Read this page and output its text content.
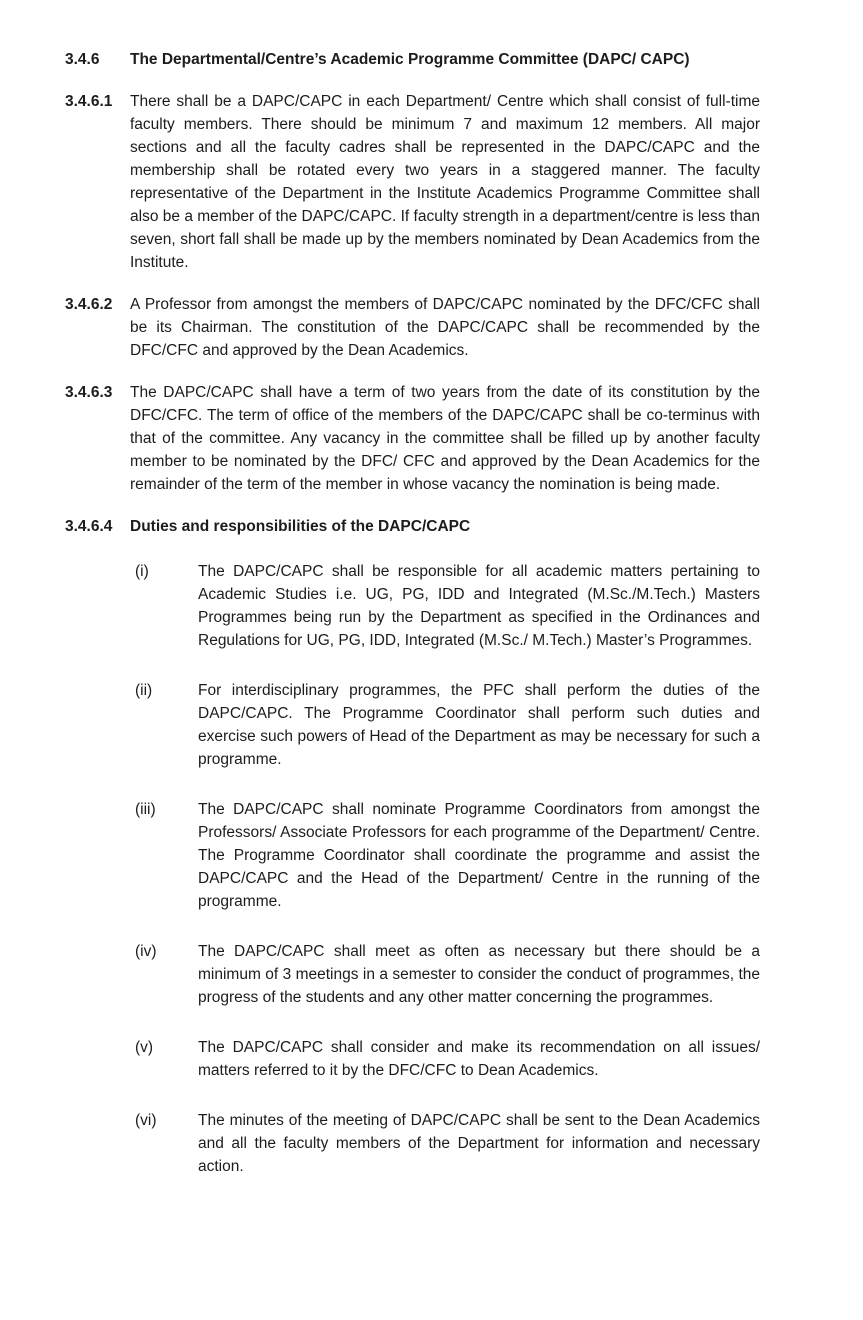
3.4.6	The Departmental/Centre’s Academic Programme Committee (DAPC/ CAPC)
3.4.6.1	There shall be a DAPC/CAPC in each Department/ Centre which shall consist of full-time faculty members. There should be minimum 7 and maximum 12 members. All major sections and all the faculty cadres shall be represented in the DAPC/CAPC and the membership shall be rotated every two years in a staggered manner. The faculty representative of the Department in the Institute Academics Programme Committee shall also be a member of the DAPC/CAPC. If faculty strength in a department/centre is less than seven, short fall shall be made up by the members nominated by Dean Academics from the Institute.
3.4.6.2	A Professor from amongst the members of DAPC/CAPC nominated by the DFC/CFC shall be its Chairman. The constitution of the DAPC/CAPC shall be recommended by the DFC/CFC and approved by the Dean Academics.
3.4.6.3	The DAPC/CAPC shall have a term of two years from the date of its constitution by the DFC/CFC. The term of office of the members of the DAPC/CAPC shall be co-terminus with that of the committee. Any vacancy in the committee shall be filled up by another faculty member to be nominated by the DFC/ CFC and approved by the Dean Academics for the remainder of the term of the member in whose vacancy the nomination is being made.
3.4.6.4	Duties and responsibilities of the DAPC/CAPC
(i)	The DAPC/CAPC shall be responsible for all academic matters pertaining to Academic Studies i.e. UG, PG, IDD and Integrated (M.Sc./M.Tech.) Masters Programmes being run by the Department as specified in the Ordinances and Regulations for UG, PG, IDD, Integrated (M.Sc./ M.Tech.) Master’s Programmes.
(ii)	For interdisciplinary programmes, the PFC shall perform the duties of the DAPC/CAPC. The Programme Coordinator shall perform such duties and exercise such powers of Head of the Department as may be necessary for such a programme.
(iii)	The DAPC/CAPC shall nominate Programme Coordinators from amongst the Professors/ Associate Professors for each programme of the Department/ Centre. The Programme Coordinator shall coordinate the programme and assist the DAPC/CAPC and the Head of the Department/ Centre in the running of the programme.
(iv)	The DAPC/CAPC shall meet as often as necessary but there should be a minimum of 3 meetings in a semester to consider the conduct of programmes, the progress of the students and any other matter concerning the programmes.
(v)	The DAPC/CAPC shall consider and make its recommendation on all issues/ matters referred to it by the DFC/CFC to Dean Academics.
(vi)	The minutes of the meeting of DAPC/CAPC shall be sent to the Dean Academics and all the faculty members of the Department for information and necessary action.
